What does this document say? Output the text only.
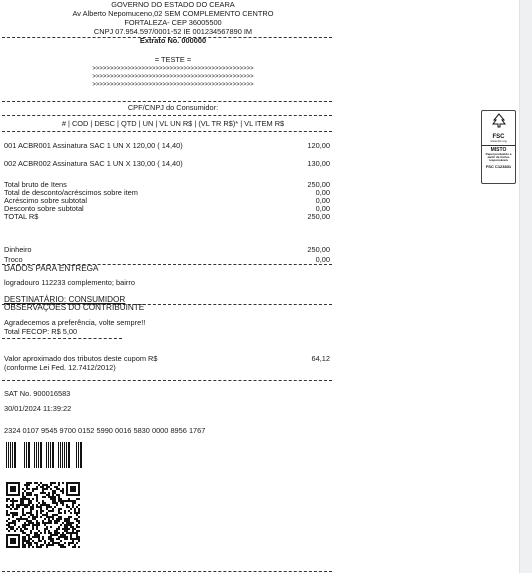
GOVERNO DO ESTADO DO CEARA
Av Alberto Nepomuceno,02 SEM COMPLEMENTO CENTRO
FORTALEZA- CEP 36005500
CNPJ 07.954.597/0001-52 IE 001234567890 IM
Extrato No. 000000
= TESTE =
>>>>>>>>>>>>>>>>>>>>>>>>>>>>>>>>>>>>>>>>>>>>>>
>>>>>>>>>>>>>>>>>>>>>>>>>>>>>>>>>>>>>>>>>>>>>>
>>>>>>>>>>>>>>>>>>>>>>>>>>>>>>>>>>>>>>>>>>>>>>
CPF/CNPJ do Consumidor:
# | COD | DESC | QTD | UN | VL UN R$ | (VL TR R$)* | VL ITEM R$
001 ACBR001 Assinatura SAC 1 UN X 120,00 ( 14,40)	120,00
002 ACBR002 Assinatura SAC 1 UN X 130,00 ( 14,40)	130,00
Total bruto de Itens	250,00
Total de desconto/acréscimos sobre item	0,00
Acréscimo sobre subtotal	0,00
Desconto sobre subtotal	0,00
TOTAL R$	250,00
Dinheiro	250,00
Troco	0,00
DADOS PARA ENTREGA
logradouro 112233 complemento; bairro
DESTINATÁRIO: CONSUMIDOR
OBSERVAÇÕES DO CONTRIBUINTE
Agradecemos a preferência, volte sempre!!
Total FECOP: R$ 5,00
Valor aproximado dos tributos deste cupom R$	64,12
(conforme Lei Fed. 12.7412/2012)
SAT No. 900016583
30/01/2024 11:39:22
2324 0107 9545 9700 0152 5990 0016 5830 0000 8956 1767
FSC
www.fsc.org
MISTO
Papel produzido a partir de fontes responsáveis
FSC C123831
